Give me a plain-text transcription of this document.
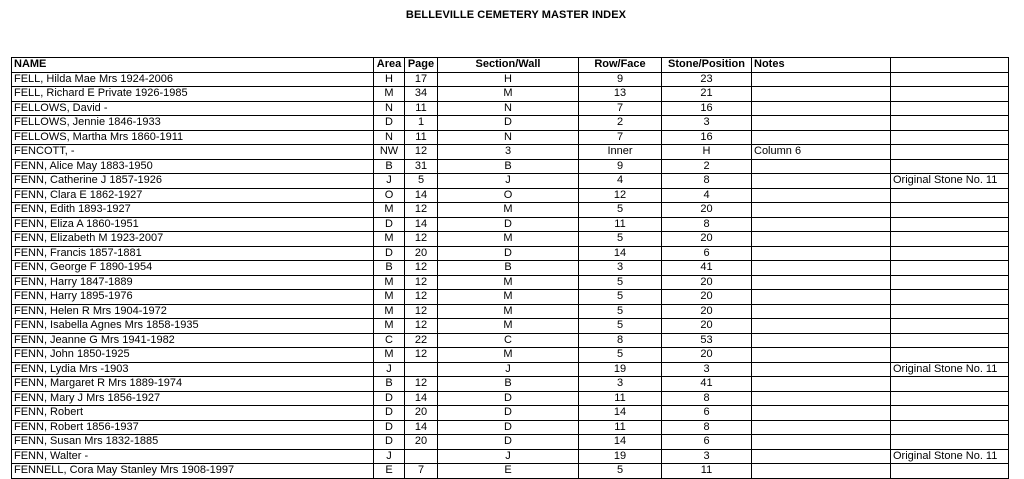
BELLEVILLE CEMETERY MASTER INDEX
NAME	Area	Page	Section/Wall	Row/Face	Stone/Position	Notes	
FELL, Hilda Mae Mrs 1924-2006	H	17	H	9	23		
FELL, Richard E Private 1926-1985	M	34	M	13	21		
FELLOWS, David -	N	11	N	7	16		
FELLOWS, Jennie 1846-1933	D	1	D	2	3		
FELLOWS, Martha Mrs 1860-1911	N	11	N	7	16		
FENCOTT, -	NW	12	3	Inner	H	Column 6	
FENN, Alice May 1883-1950	B	31	B	9	2		
FENN, Catherine J 1857-1926	J	5	J	4	8		Original Stone No. 11
FENN, Clara E 1862-1927	O	14	O	12	4		
FENN, Edith 1893-1927	M	12	M	5	20		
FENN, Eliza A 1860-1951	D	14	D	11	8		
FENN, Elizabeth M 1923-2007	M	12	M	5	20		
FENN, Francis 1857-1881	D	20	D	14	6		
FENN, George F 1890-1954	B	12	B	3	41		
FENN, Harry 1847-1889	M	12	M	5	20		
FENN, Harry 1895-1976	M	12	M	5	20		
FENN, Helen R Mrs 1904-1972	M	12	M	5	20		
FENN, Isabella Agnes Mrs 1858-1935	M	12	M	5	20		
FENN, Jeanne G Mrs 1941-1982	C	22	C	8	53		
FENN, John 1850-1925	M	12	M	5	20		
FENN, Lydia Mrs -1903	J		J	19	3		Original Stone No. 11
FENN, Margaret R Mrs 1889-1974	B	12	B	3	41		
FENN, Mary J Mrs 1856-1927	D	14	D	11	8		
FENN, Robert	D	20	D	14	6		
FENN, Robert 1856-1937	D	14	D	11	8		
FENN, Susan Mrs 1832-1885	D	20	D	14	6		
FENN, Walter -	J		J	19	3		Original Stone No. 11
FENNELL, Cora May Stanley Mrs 1908-1997	E	7	E	5	11		
